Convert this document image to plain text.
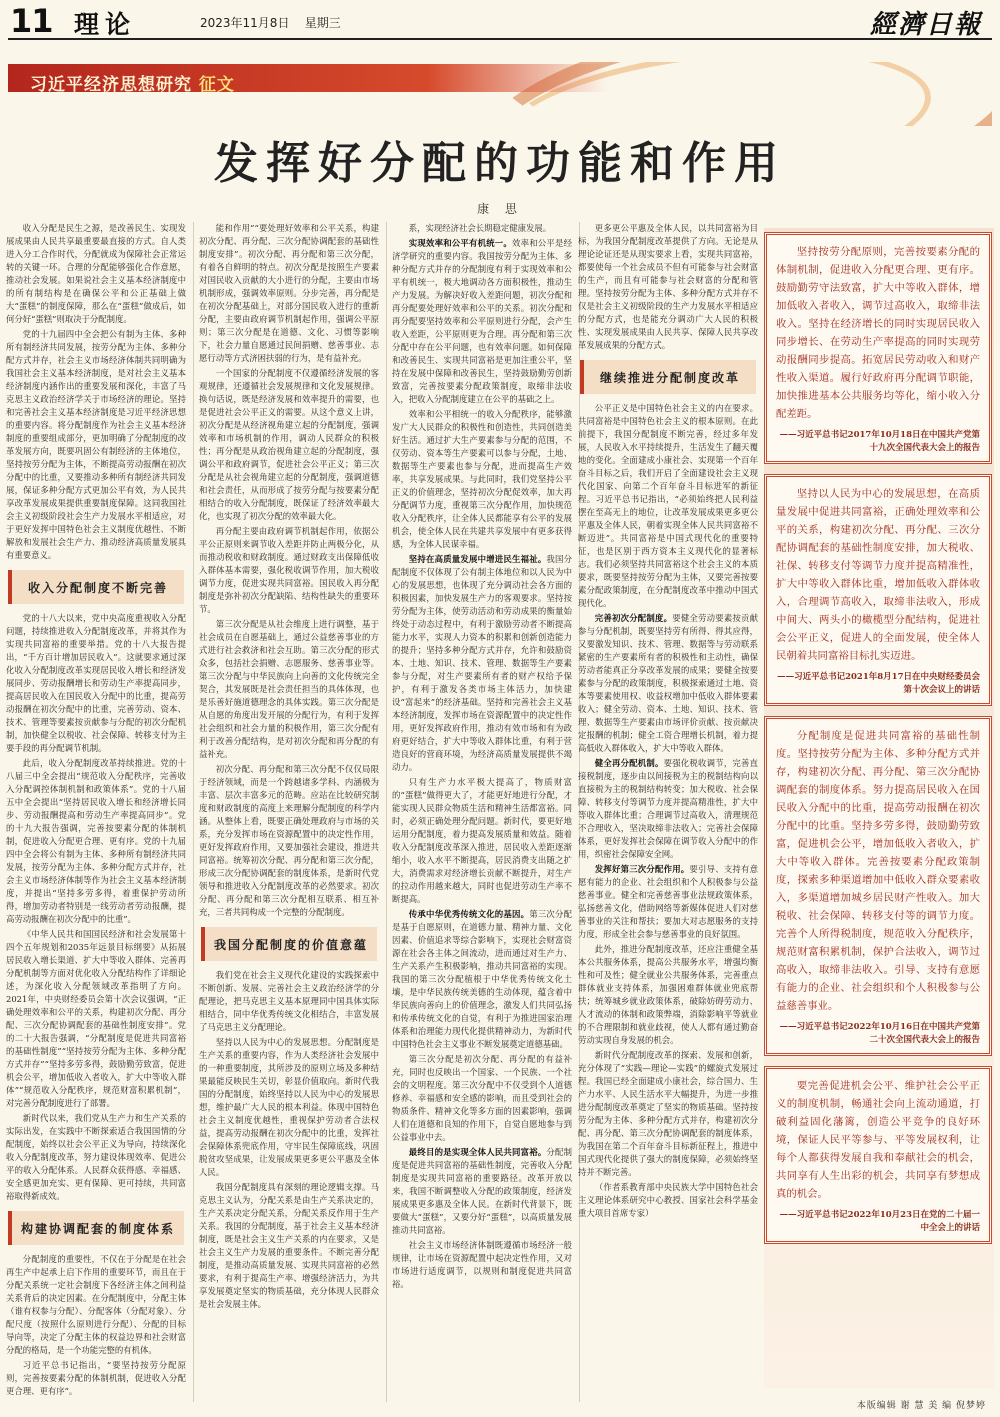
11 理论	2023年11月8日 星期三	經濟日報
习近平经济思想研究 征文
发挥好分配的功能和作用
康 思

收入分配是民生之源，是改善民生、实现发展成果由人民共享最重要最直接的方式。自人类进入分工合作时代，分配就成为保障社会正常运转的关键一环。合理的分配能够强化合作意愿，推动社会发展。如果说社会主义基本经济制度中的所有制结构是在确保公平和公正基础上做大“蛋糕”的制度保障，那么在“蛋糕”做成后，如何分好“蛋糕”则取决于分配制度。

党的十九届四中全会把公有制为主体、多种所有制经济共同发展，按劳分配为主体、多种分配方式并存，社会主义市场经济体制共同明确为我国社会主义基本经济制度，是对社会主义基本经济制度内涵作出的重要发展和深化，丰富了马克思主义政治经济学关于市场经济的理论。坚持和完善社会主义基本经济制度是习近平经济思想的重要内容。将分配制度作为社会主义基本经济制度的重要组成部分，更加明确了分配制度的改革发展方向，既要巩固公有制经济的主体地位，坚持按劳分配为主体，不断提高劳动报酬在初次分配中的比重，又要推动多种所有制经济共同发展，保证多种分配方式更加公平有效，为人民共享改革发展成果提供重要制度保障。这同我国社会主义初级阶段社会生产力发展水平相适应，对于更好发挥中国特色社会主义制度优越性、不断解放和发展社会生产力、推动经济高质量发展具有重要意义。

收入分配制度不断完善

党的十八大以来，党中央高度重视收入分配问题，持续推进收入分配制度改革，并将其作为实现共同富裕的重要举措。党的十八大报告提出，“千方百计增加居民收入”。这就要求通过深化收入分配制度改革实现居民收入增长和经济发展同步、劳动报酬增长和劳动生产率提高同步，提高居民收入在国民收入分配中的比重，提高劳动报酬在初次分配中的比重，完善劳动、资本、技术、管理等要素按贡献参与分配的初次分配机制，加快健全以税收、社会保障、转移支付为主要手段的再分配调节机制。

此后，收入分配制度改革持续推进。党的十八届三中全会提出“规范收入分配秩序，完善收入分配调控体制机制和政策体系”。党的十八届五中全会提出“坚持居民收入增长和经济增长同步、劳动报酬提高和劳动生产率提高同步”。党的十九大报告强调，完善按要素分配的体制机制，促进收入分配更合理、更有序。党的十九届四中全会将公有制为主体、多种所有制经济共同发展，按劳分配为主体、多种分配方式并存，社会主义市场经济体制等作为社会主义基本经济制度，并提出“坚持多劳多得，着重保护劳动所得，增加劳动者特别是一线劳动者劳动报酬，提高劳动报酬在初次分配中的比重”。

《中华人民共和国国民经济和社会发展第十四个五年规划和2035年远景目标纲要》从拓展居民收入增长渠道、扩大中等收入群体、完善再分配机制等方面对优化收入分配结构作了详细论述，为深化收入分配领域改革指明了方向。2021年，中央财经委员会第十次会议强调，“正确处理效率和公平的关系，构建初次分配、再分配、三次分配协调配套的基础性制度安排”。党的二十大报告强调，“分配制度是促进共同富裕的基础性制度”“坚持按劳分配为主体、多种分配方式并存”“坚持多劳多得，鼓励勤劳致富，促进机会公平，增加低收入者收入，扩大中等收入群体”“规范收入分配秩序，规范财富积累机制”，对完善分配制度进行了部署。

新时代以来，我们党从生产力和生产关系的实际出发，在实践中不断探索适合我国国情的分配制度，始终以社会公平正义为导向，持续深化收入分配制度改革，努力建设体现效率、促进公平的收入分配体系。人民群众获得感、幸福感、安全感更加充实、更有保障、更可持续，共同富裕取得新成效。

构建协调配套的制度体系

分配制度的重要性，不仅在于分配是在社会再生产中起承上启下作用的重要环节，而且在于分配关系统一定社会制度下各经济主体之间利益关系背后的决定因素。在分配制度中，分配主体（谁有权参与分配）、分配客体（分配对象）、分配尺度（按照什么原则进行分配）、分配的目标导向等，决定了分配主体的权益边界和社会财富分配的格局，是一个功能完整的有机体。

习近平总书记指出，“要坚持按劳分配原则，完善按要素分配的体制机制，促进收入分配更合理、更有序”。

能和作用”“要处理好效率和公平关系，构建初次分配、再分配、三次分配协调配套的基础性制度安排”。初次分配、再分配和第三次分配，有着各自鲜明的特点。初次分配是按照生产要素对国民收入贡献的大小进行的分配，主要由市场机制形成，强调效率原则。分步完善，再分配是在初次分配基础上，对部分国民收入进行的重新分配，主要由政府调节机制起作用，强调公平原则；第三次分配是在道德、文化、习惯等影响下，社会力量自愿通过民间捐赠、慈善事业、志愿行动等方式济困扶弱的行为，是有益补充。

一个国家的分配制度不仅遵循经济发展的客观规律，还遵循社会发展规律和文化发展规律。换句话说，既是经济发展和效率提升的需要，也是促进社会公平正义的需要。从这个意义上讲，初次分配是从经济视角建立起的分配制度，强调效率和市场机制的作用，调动人民群众的积极性；再分配是从政治视角建立起的分配制度，强调公平和政府调节，促进社会公平正义；第三次分配是从社会视角建立起的分配制度，强调道德和社会责任，从而形成了按劳分配与按要素分配相结合的收入分配制度，既保证了经济效率最大化，也实现了初次分配的效率最大化。

再分配主要由政府调节机制起作用，依据公平公正原则来调节收入差距并防止两极分化，从而推动税收和财政制度。通过财政支出保障低收入群体基本需要，强化税收调节作用，加大税收调节力度，促进实现共同富裕。国民收入再分配制度是弥补初次分配缺陷、结构性缺失的重要环节。

第三次分配是从社会维度上进行调整，基于社会成员在自愿基础上，通过公益慈善事业的方式进行社会救济和社会互助。第三次分配的形式众多，包括社会捐赠、志愿服务、慈善事业等。第三次分配与中华民族向上向善的文化传统完全契合，其发展既是社会责任担当的具体体现，也是乐善好施道德理念的具体实践。第三次分配是从自愿的角度出发开展的分配行为，有利于发挥社会组织和社会力量的积极作用，第三次分配有利于改善分配结构，是对初次分配和再分配的有益补充。

初次分配、再分配和第三次分配不仅仅局限于经济领域，而是一个跨越诸多学科、内涵极为丰富、层次丰富多元的范畴。应站在比较研究制度和财政制度的高度上来理解分配制度的科学内涵。从整体上看，既要正确处理政府与市场的关系，充分发挥市场在资源配置中的决定性作用，更好发挥政府作用，又要加强社会建设，推进共同富裕。统筹初次分配、再分配和第三次分配，形成三次分配协调配套的制度体系，是新时代党领导和推进收入分配制度改革的必然要求。初次分配、再分配和第三次分配相互联系、相互补充，三者共同构成一个完整的分配制度。

我国分配制度的价值意蕴

我们党在社会主义现代化建设的实践探索中不断创新、发展、完善社会主义政治经济学的分配理论，把马克思主义基本原理同中国具体实际相结合，同中华优秀传统文化相结合，丰富发展了马克思主义分配理论。

坚持以人民为中心的发展思想。分配制度是生产关系的重要内容，作为人类经济社会发展中的一种重要制度，其所涉及的原则立场及多种结果最能反映民生关切，彰显价值取向。新时代我国的分配制度，始终坚持以人民为中心的发展思想，维护最广大人民的根本利益。体现中国特色社会主义制度优越性，重视保护劳动者合法权益，提高劳动报酬在初次分配中的比重，发挥社会保障体系兜底作用，守牢民生保障底线，巩固脱贫攻坚成果，让发展成果更多更公平惠及全体人民。

我国分配制度具有深刻的理论逻辑支撑。马克思主义认为，分配关系是由生产关系决定的，生产关系决定分配关系，分配关系反作用于生产关系。我国的分配制度，基于社会主义基本经济制度，既是社会主义生产关系的内在要求，又是社会主义生产力发展的重要条件。不断完善分配制度，是推动高质量发展、实现共同富裕的必然要求，有利于提高生产率、增强经济活力，为共享发展奠定坚实的物质基础，充分体现人民群众是社会发展主体。

系，实现经济社会长期稳定健康发展。

实现效率和公平有机统一。效率和公平是经济学研究的重要内容。我国按劳分配为主体、多种分配方式并存的分配制度有利于实现效率和公平有机统一，极大地调动各方面积极性，推动生产力发展。为解决好收入差距问题，初次分配和再分配要处理好效率和公平的关系。初次分配和再分配要坚持效率和公平原则进行分配，会产生收入差距，公平原则更为合理。再分配和第三次分配中存在公平问题，也有效率问题。如何保障和改善民生、实现共同富裕是更加注重公平，坚持在发展中保障和改善民生，坚持鼓励勤劳创新致富，完善按要素分配政策制度，取缔非法收入，把收入分配制度建立在公平的基础之上。

效率和公平相统一的收入分配秩序，能够激发广大人民群众的积极性和创造性，共同创造美好生活。通过扩大生产要素参与分配的范围，不仅劳动、资本等生产要素可以参与分配，土地、数据等生产要素也参与分配，进而提高生产效率，共享发展成果。与此同时，我们党坚持公平正义的价值理念，坚持初次分配促效率，加大再分配调节力度，重视第三次分配作用，加快规范收入分配秩序，让全体人民都能享有公平的发展机会，使全体人民在共建共享发展中有更多获得感，为全体人民谋幸福。

坚持在高质量发展中增进民生福祉。我国分配制度不仅体现了公有制主体地位和以人民为中心的发展思想，也体现了充分调动社会各方面的积极因素，加快发展生产力的客观要求。坚持按劳分配为主体，使劳动活动和劳动成果的衡量始终处于动态过程中，有利于激励劳动者不断提高能力水平，实现人力资本的积累和创新创造能力的提升；坚持多种分配方式并存，允许和鼓励资本、土地、知识、技术、管理、数据等生产要素参与分配，对生产要素所有者的财产权给予保护，有利于激发各类市场主体活力，加快建设“富起来”的经济基础。坚持和完善社会主义基本经济制度，发挥市场在资源配置中的决定性作用，更好发挥政府作用，推动有效市场和有为政府更好结合，扩大中等收入群体比重，有利于营造良好的营商环境，为经济高质量发展提供不竭动力。

只有生产力水平极大提高了，物质财富的“蛋糕”做得更大了，才能更好地进行分配，才能实现人民群众物质生活和精神生活都富裕。同时，必须正确处理分配问题。新时代，要更好地运用分配制度，着力提高发展质量和效益。随着收入分配制度改革深入推进，居民收入差距逐渐缩小，收入水平不断提高，居民消费支出随之扩大，消费需求对经济增长贡献不断提升，对生产的拉动作用越来越大，同时也促进劳动生产率不断提高。

传承中华优秀传统文化的基因。第三次分配是基于自愿原则，在道德力量、精神力量、文化因素、价值追求等综合影响下，实现社会财富资源在社会各主体之间流动，进而通过对生产力、生产关系产生积极影响，推动共同富裕的实现。我国的第三次分配植根于中华优秀传统文化土壤，是中华民族传统美德的生动体现，蕴含着中华民族向善向上的价值理念，激发人们共同弘扬和传承传统文化的自觉，有利于为推进国家治理体系和治理能力现代化提供精神动力，为新时代中国特色社会主义事业不断发展奠定道德基础。

第三次分配是初次分配、再分配的有益补充，同时也反映出一个国家、一个民族、一个社会的文明程度。第三次分配中不仅受到个人道德修养、幸福感和安全感的影响，而且受到社会的物质条件、精神文化等多方面的因素影响，强调人们在道德和良知的作用下，自觉自愿地参与到公益事业中去。

最终目的是实现全体人民共同富裕。分配制度是促进共同富裕的基础性制度，完善收入分配制度是实现共同富裕的重要路径。改革开放以来，我国不断调整收入分配的政策制度，经济发展成果更多惠及全体人民。在新时代背景下，既要做大“蛋糕”，又要分好“蛋糕”，以高质量发展推动共同富裕。

社会主义市场经济体制既遵循市场经济一般规律，让市场在资源配置中起决定性作用，又对市场进行适度调节，以规则和制度促进共同富裕。

更多更公平惠及全体人民，以共同富裕为目标，为我国分配制度改革提供了方向。无论是从理论论证还是从现实要求上看，实现共同富裕，都要使每一个社会成员不但有可能参与社会财富的生产，而且有可能参与社会财富的分配和管理。坚持按劳分配为主体、多种分配方式并存不仅是社会主义初级阶段的生产力发展水平相适应的分配方式，也是能充分调动广大人民的积极性、实现发展成果由人民共享、保障人民共享改革发展成果的分配方式。

继续推进分配制度改革

公平正义是中国特色社会主义的内在要求。共同富裕是中国特色社会主义的根本原则。在此前提下，我国分配制度不断完善，经过多年发展，人民收入水平持续提升，生活发生了翻天覆地的变化。全面建成小康社会、实现第一个百年奋斗目标之后，我们开启了全面建设社会主义现代化国家、向第二个百年奋斗目标进军的新征程。习近平总书记指出，“必须始终把人民利益摆在至高无上的地位，让改革发展成果更多更公平惠及全体人民，朝着实现全体人民共同富裕不断迈进”。共同富裕是中国式现代化的重要特征，也是区别于西方资本主义现代化的显著标志。我们必须坚持共同富裕这个社会主义的本质要求，既要坚持按劳分配为主体，又要完善按要素分配政策制度，在分配制度改革中推动中国式现代化。

完善初次分配制度。要健全劳动要素按贡献参与分配机制，既要坚持劳有所得、得其应得，又要激发知识、技术、管理、数据等与劳动联系紧密的生产要素所有者的积极性和主动性，确保劳动者能真正分享改革发展的成果；要健全按要素参与分配的政策制度，积极探索通过土地、资本等要素使用权、收益权增加中低收入群体要素收入；健全劳动、资本、土地、知识、技术、管理、数据等生产要素由市场评价贡献、按贡献决定报酬的机制；健全工资合理增长机制，着力提高低收入群体收入，扩大中等收入群体。

健全再分配机制。要强化税收调节，完善直接税制度，逐步由以间接税为主的税制结构向以直接税为主的税制结构转变；加大税收、社会保障、转移支付等调节力度并提高精准性，扩大中等收入群体比重；合理调节过高收入，清理规范不合理收入，坚决取缔非法收入；完善社会保障体系，更好发挥社会保障在调节收入分配中的作用，织密社会保障安全网。

发挥好第三次分配作用。要引导、支持有意愿有能力的企业、社会组织和个人积极参与公益慈善事业。健全和完善慈善事业法规政策体系，弘扬慈善文化，借助网络等新媒体促进人们对慈善事业的关注和帮扶；要加大对志愿服务的支持力度，形成全社会参与慈善事业的良好氛围。

此外，推进分配制度改革，还应注重健全基本公共服务体系，提高公共服务水平，增强均衡性和可及性；健全就业公共服务体系，完善重点群体就业支持体系，加强困难群体就业兜底帮扶；统筹城乡就业政策体系，破除妨碍劳动力、人才流动的体制和政策弊端，消除影响平等就业的不合理限制和就业歧视，使人人都有通过勤奋劳动实现自身发展的机会。

新时代分配制度改革的探索、发展和创新，充分体现了“实践—理论—实践”的螺旋式发展过程。我国已经全面建成小康社会，综合国力、生产力水平、人民生活水平大幅提升，为进一步推进分配制度改革奠定了坚实的物质基础。坚持按劳分配为主体、多种分配方式并存，构建初次分配、再分配、第三次分配协调配套的制度体系，为我国在第二个百年奋斗目标新征程上，推进中国式现代化提供了强大的制度保障，必须始终坚持并不断完善。

（作者系教育部中央民族大学中国特色社会主义理论体系研究中心教授、国家社会科学基金重大项目首席专家）

坚持按劳分配原则，完善按要素分配的体制机制，促进收入分配更合理、更有序。鼓励勤劳守法致富，扩大中等收入群体，增加低收入者收入，调节过高收入，取缔非法收入。坚持在经济增长的同时实现居民收入同步增长、在劳动生产率提高的同时实现劳动报酬同步提高。拓宽居民劳动收入和财产性收入渠道。履行好政府再分配调节职能，加快推进基本公共服务均等化，缩小收入分配差距。

——习近平总书记2017年10月18日在中国共产党第十九次全国代表大会上的报告

坚持以人民为中心的发展思想，在高质量发展中促进共同富裕，正确处理效率和公平的关系，构建初次分配、再分配、三次分配协调配套的基础性制度安排，加大税收、社保、转移支付等调节力度并提高精准性，扩大中等收入群体比重，增加低收入群体收入，合理调节高收入，取缔非法收入，形成中间大、两头小的橄榄型分配结构，促进社会公平正义，促进人的全面发展，使全体人民朝着共同富裕目标扎实迈进。

——习近平总书记2021年8月17日在中央财经委员会第十次会议上的讲话

分配制度是促进共同富裕的基础性制度。坚持按劳分配为主体、多种分配方式并存，构建初次分配、再分配、第三次分配协调配套的制度体系。努力提高居民收入在国民收入分配中的比重，提高劳动报酬在初次分配中的比重。坚持多劳多得，鼓励勤劳致富，促进机会公平，增加低收入者收入，扩大中等收入群体。完善按要素分配政策制度，探索多种渠道增加中低收入群众要素收入，多渠道增加城乡居民财产性收入。加大税收、社会保障、转移支付等的调节力度。完善个人所得税制度，规范收入分配秩序，规范财富积累机制，保护合法收入，调节过高收入，取缔非法收入。引导、支持有意愿有能力的企业、社会组织和个人积极参与公益慈善事业。

——习近平总书记2022年10月16日在中国共产党第二十次全国代表大会上的报告

要完善促进机会公平、维护社会公平正义的制度机制，畅通社会向上流动通道，打破利益固化藩篱，创造公平竞争的良好环境，保证人民平等参与、平等发展权利，让每个人都获得发展自我和奉献社会的机会，共同享有人生出彩的机会，共同享有梦想成真的机会。

——习近平总书记2022年10月23日在党的二十届一中全会上的讲话

本版编辑 谢 慧 美 编 倪梦婷
